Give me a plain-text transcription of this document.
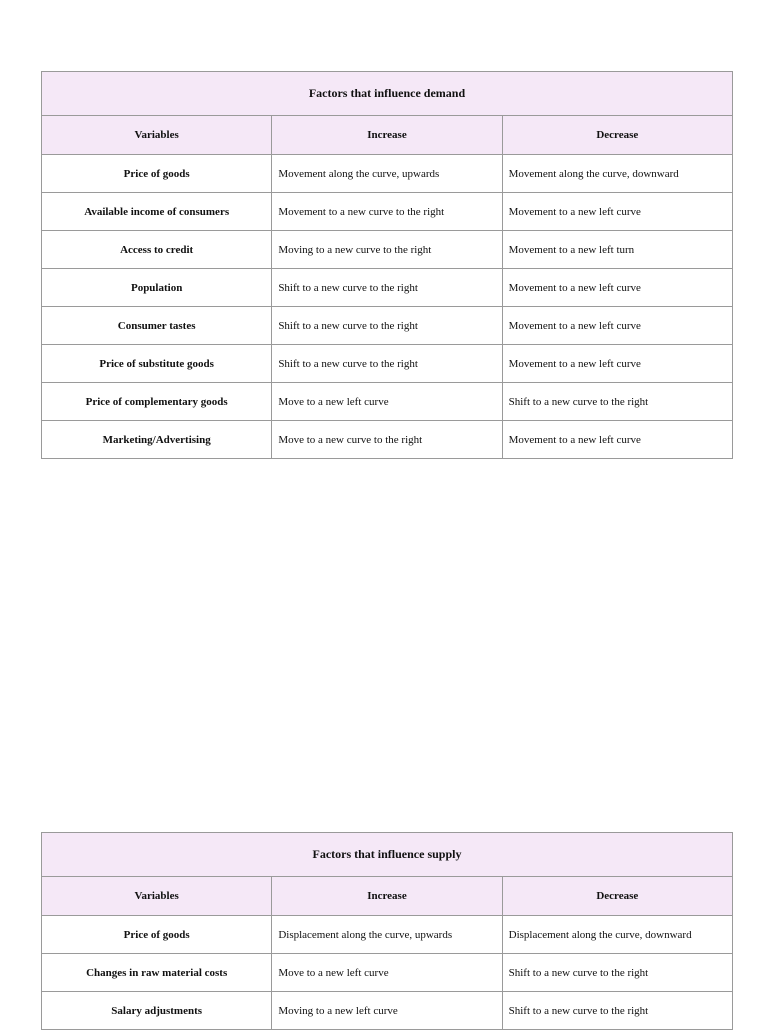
Factors that influence demand		
Variables	Increase	Decrease
Price of goods	Movement along the curve, upwards	Movement along the curve, downward
Available income of consumers	Movement to a new curve to the right	Movement to a new left curve
Access to credit	Moving to a new curve to the right	Movement to a new left turn
Population	Shift to a new curve to the right	Movement to a new left curve
Consumer tastes	Shift to a new curve to the right	Movement to a new left curve
Price of substitute goods	Shift to a new curve to the right	Movement to a new left curve
Price of complementary goods	Move to a new left curve	Shift to a new curve to the right
Marketing/Advertising	Move to a new curve to the right	Movement to a new left curve
Factors that influence supply		
Variables	Increase	Decrease
Price of goods	Displacement along the curve, upwards	Displacement along the curve, downward
Changes in raw material costs	Move to a new left curve	Shift to a new curve to the right
Salary adjustments	Moving to a new left curve	Shift to a new curve to the right
